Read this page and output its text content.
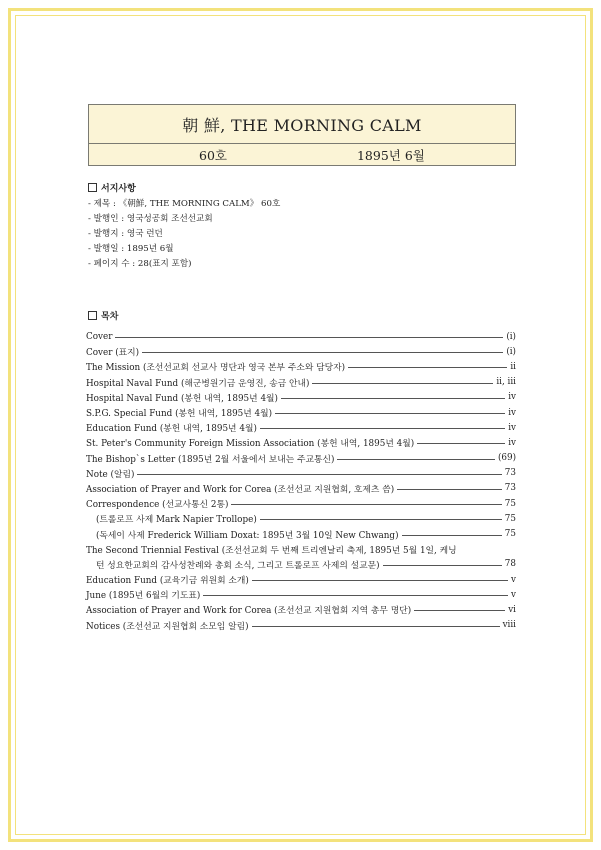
朝 鮮, THE MORNING CALM
60호	1895년 6월
서지사항
- 제목 : 《朝鮮, THE MORNING CALM》 60호
- 발행인 : 영국성공회 조선선교회
- 발행지 : 영국 런던
- 발행일 : 1895년 6월
- 페이지 수 : 28(표지 포함)
목차
Cover	(i)
Cover (표지)	(i)
The Mission (조선선교회 선교사 명단과 영국 본부 주소와 담당자)	ii
Hospital Naval Fund (해군병원기금 운영진, 송금 안내)	ii, iii
Hospital Naval Fund (봉헌 내역, 1895년 4월)	iv
S.P.G. Special Fund (봉헌 내역, 1895년 4월)	iv
Education Fund (봉헌 내역, 1895년 4월)	iv
St. Peter's Community Foreign Mission Association (봉헌 내역, 1895년 4월)	iv
The Bishop`s Letter (1895년 2월 서울에서 보내는 주교통신)	(69)
Note (알림)	73
Association of Prayer and Work for Corea (조선선교 지원협회, 호제츠 씀)	73
Correspondence (선교사통신 2통)	75
(트롤로프 사제 Mark Napier Trollope)	75
(독세이 사제 Frederick William Doxat: 1895년 3월 10일 New Chwang)	75
The Second Triennial Festival (조선선교회 두 번째 트리엔날리 축제, 1895년 5월 1일, 케닝
턴 성요한교회의 감사성찬례와 총회 소식, 그리고 트롤로프 사제의 설교문)	78
Education Fund (교육기금 위원회 소개)	v
June (1895년 6월의 기도표)	v
Association of Prayer and Work for Corea (조선선교 지원협회 지역 총무 명단)	vi
Notices (조선선교 지원협회 소모임 알림)	viii
